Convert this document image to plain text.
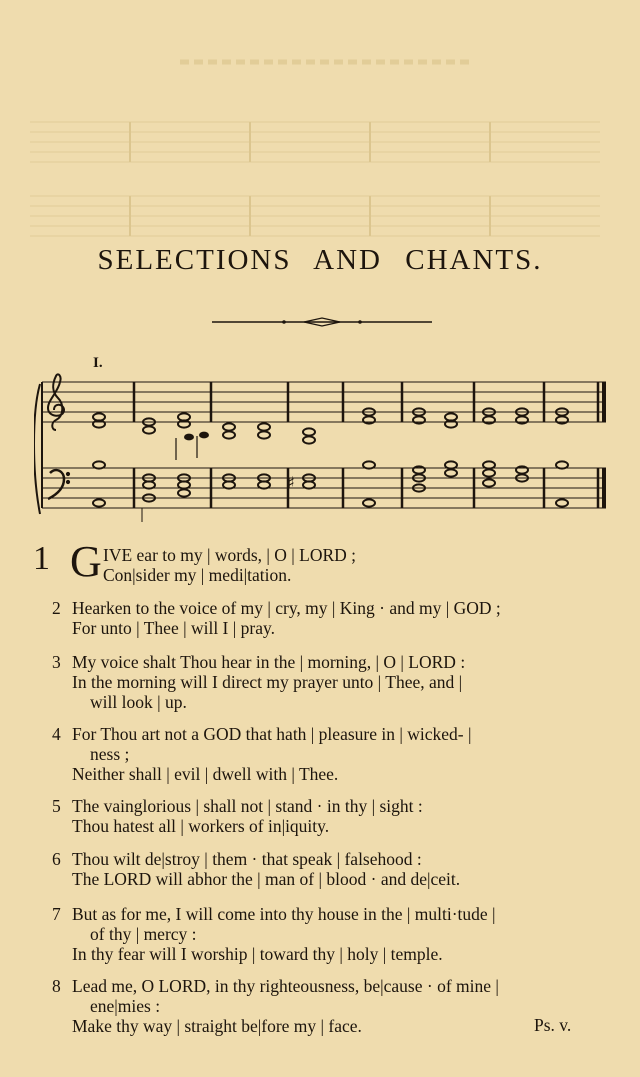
SELECTIONS AND CHANTS.
I.
♯
1 G IVE ear to my | words, | O | LORD ;
Con|sider my | medi|tation.
2 Hearken to the voice of my | cry, my | King · and my | GOD ;
For unto | Thee | will I | pray.
3 My voice shalt Thou hear in the | morning, | O | LORD :
In the morning will I direct my prayer unto | Thee, and |
will look | up.
4 For Thou art not a GOD that hath | pleasure in | wicked- |
ness ;
Neither shall | evil | dwell with | Thee.
5 The vainglorious | shall not | stand · in thy | sight :
Thou hatest all | workers of in|iquity.
6 Thou wilt de|stroy | them · that speak | falsehood :
The LORD will abhor the | man of | blood · and de|ceit.
7 But as for me, I will come into thy house in the | multi·tude |
of thy | mercy :
In thy fear will I worship | toward thy | holy | temple.
8 Lead me, O LORD, in thy righteousness, be|cause · of mine |
ene|mies :
Make thy way | straight be|fore my | face.	Ps. v.
